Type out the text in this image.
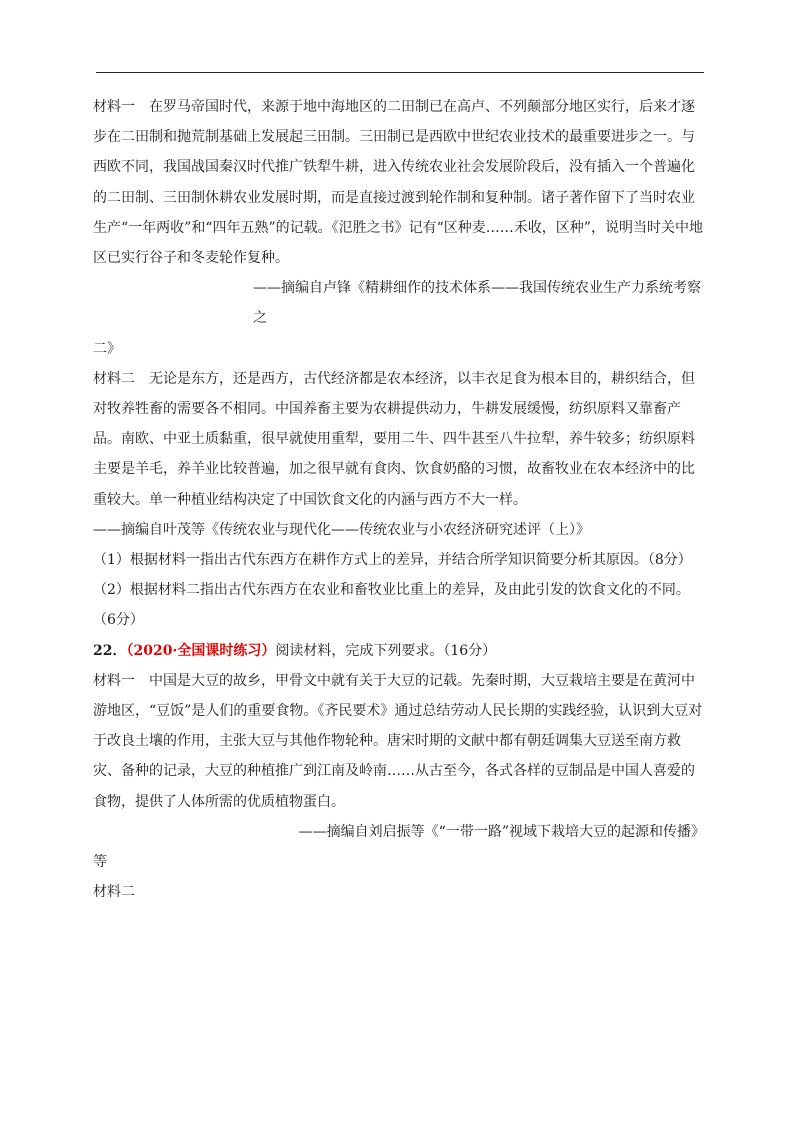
材料一　在罗马帝国时代，来源于地中海地区的二田制已在高卢、不列颠部分地区实行，后来才逐步在二田制和抛荒制基础上发展起三田制。三田制已是西欧中世纪农业技术的最重要进步之一。与西欧不同，我国战国秦汉时代推广铁犁牛耕，进入传统农业社会发展阶段后，没有插入一个普遍化的二田制、三田制休耕农业发展时期，而是直接过渡到轮作制和复种制。诸子著作留下了当时农业生产“一年两收”和“四年五熟”的记载。《氾胜之书》记有“区种麦……禾收，区种”，说明当时关中地区已实行谷子和冬麦轮作复种。

——摘编自卢锋《精耕细作的技术体系——我国传统农业生产力系统考察之

二》

材料二　无论是东方，还是西方，古代经济都是农本经济，以丰衣足食为根本目的，耕织结合，但对牧养牲畜的需要各不相同。中国养畜主要为农耕提供动力，牛耕发展缓慢，纺织原料又靠畜产品。南欧、中亚土质黏重，很早就使用重犁，要用二牛、四牛甚至八牛拉犁，养牛较多；纺织原料主要是羊毛，养羊业比较普遍，加之很早就有食肉、饮食奶酪的习惯，故畜牧业在农本经济中的比重较大。单一种植业结构决定了中国饮食文化的内涵与西方不大一样。

——摘编自叶茂等《传统农业与现代化——传统农业与小农经济研究述评（上）》

（1）根据材料一指出古代东西方在耕作方式上的差异，并结合所学知识简要分析其原因。（8分）

（2）根据材料二指出古代东西方在农业和畜牧业比重上的差异，及由此引发的饮食文化的不同。（6分）

22．（2020·全国课时练习）阅读材料，完成下列要求。（16分）

材料一　中国是大豆的故乡，甲骨文中就有关于大豆的记载。先秦时期，大豆栽培主要是在黄河中游地区，“豆饭”是人们的重要食物。《齐民要术》通过总结劳动人民长期的实践经验，认识到大豆对于改良土壤的作用，主张大豆与其他作物轮种。唐宋时期的文献中都有朝廷调集大豆送至南方救灾、备种的记录，大豆的种植推广到江南及岭南……从古至今，各式各样的豆制品是中国人喜爱的食物，提供了人体所需的优质植物蛋白。

——摘编自刘启振等《“一带一路”视域下栽培大豆的起源和传播》

等

材料二
